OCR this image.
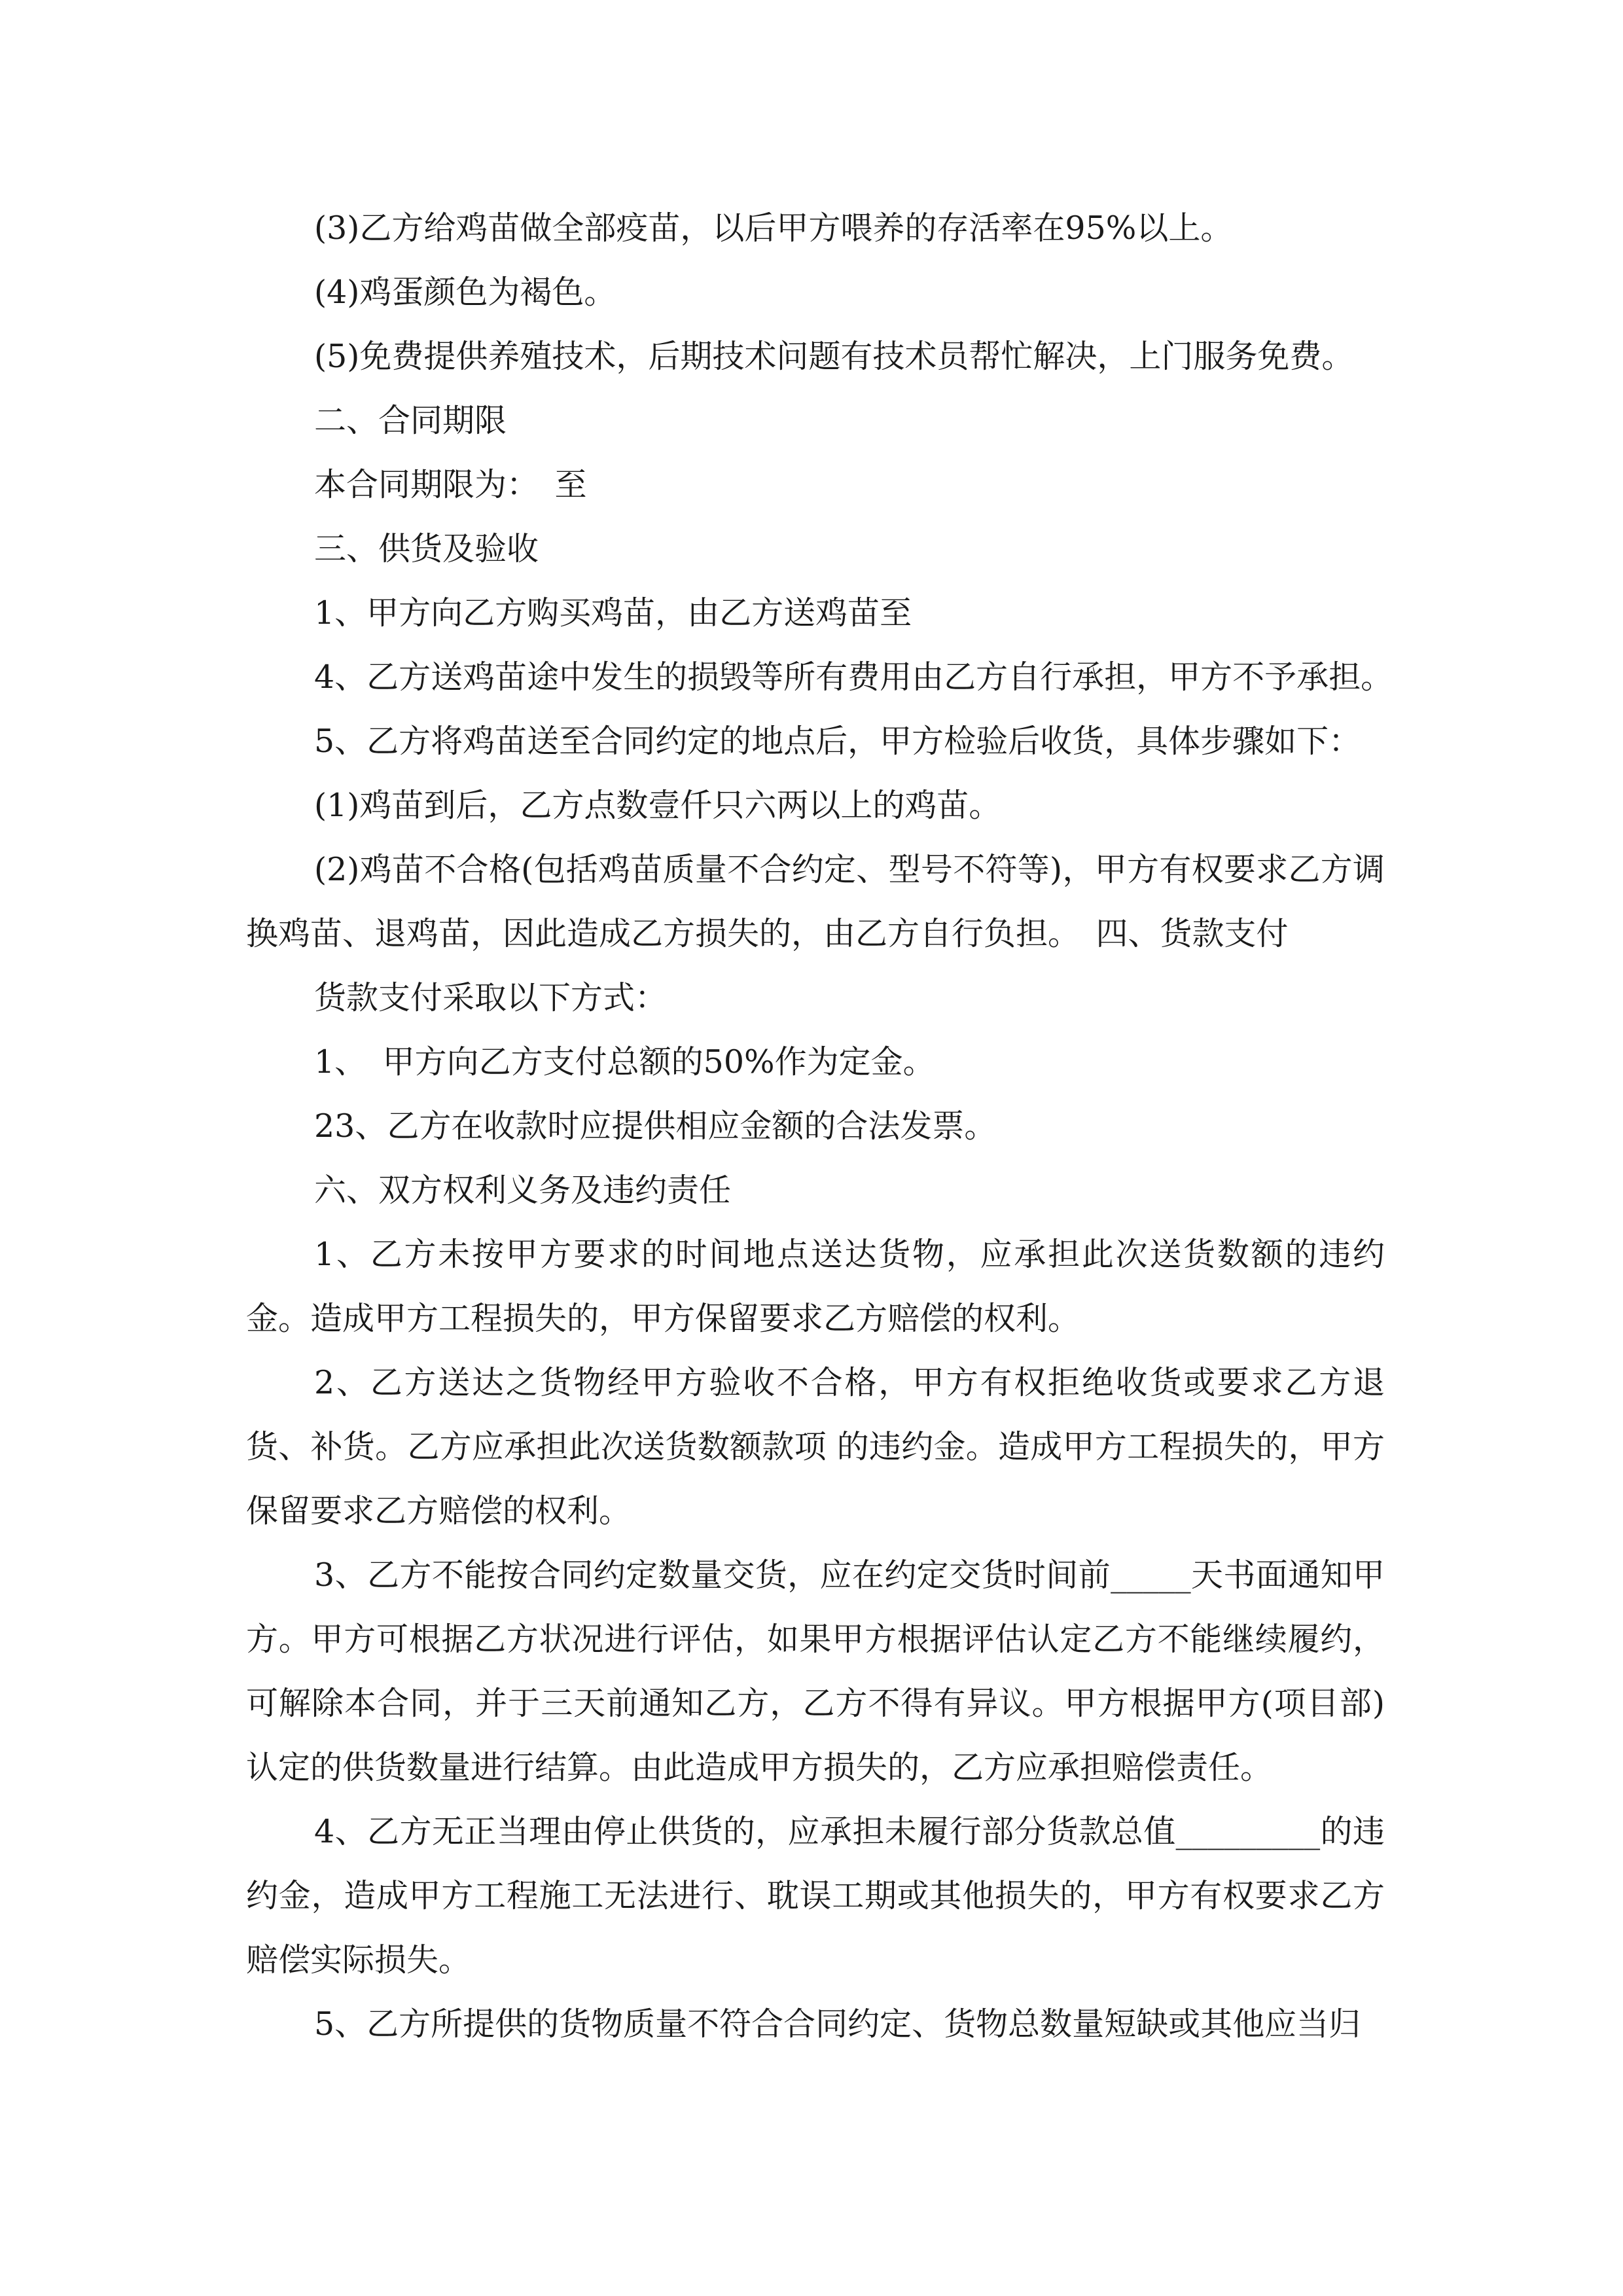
(3)乙方给鸡苗做全部疫苗，以后甲方喂养的存活率在95%以上。

(4)鸡蛋颜色为褐色。

(5)免费提供养殖技术，后期技术问题有技术员帮忙解决，上门服务免费。

二、合同期限

本合同期限为：　至

三、供货及验收

1、甲方向乙方购买鸡苗，由乙方送鸡苗至

4、乙方送鸡苗途中发生的损毁等所有费用由乙方自行承担，甲方不予承担。

5、乙方将鸡苗送至合同约定的地点后，甲方检验后收货，具体步骤如下：

(1)鸡苗到后，乙方点数壹仟只六两以上的鸡苗。

(2)鸡苗不合格(包括鸡苗质量不合约定、型号不符等)，甲方有权要求乙方调换鸡苗、退鸡苗，因此造成乙方损失的，由乙方自行负担。　四、货款支付

货款支付采取以下方式：

1、　甲方向乙方支付总额的50%作为定金。

23、乙方在收款时应提供相应金额的合法发票。

六、双方权利义务及违约责任

1、乙方未按甲方要求的时间地点送达货物，应承担此次送货数额的违约金。造成甲方工程损失的，甲方保留要求乙方赔偿的权利。

2、乙方送达之货物经甲方验收不合格，甲方有权拒绝收货或要求乙方退货、补货。乙方应承担此次送货数额款项 的违约金。造成甲方工程损失的，甲方保留要求乙方赔偿的权利。

3、乙方不能按合同约定数量交货，应在约定交货时间前_____天书面通知甲方。甲方可根据乙方状况进行评估，如果甲方根据评估认定乙方不能继续履约，可解除本合同，并于三天前通知乙方，乙方不得有异议。甲方根据甲方(项目部)认定的供货数量进行结算。由此造成甲方损失的，乙方应承担赔偿责任。

4、乙方无正当理由停止供货的，应承担未履行部分货款总值_________的违约金，造成甲方工程施工无法进行、耽误工期或其他损失的，甲方有权要求乙方赔偿实际损失。

5、乙方所提供的货物质量不符合合同约定、货物总数量短缺或其他应当归
